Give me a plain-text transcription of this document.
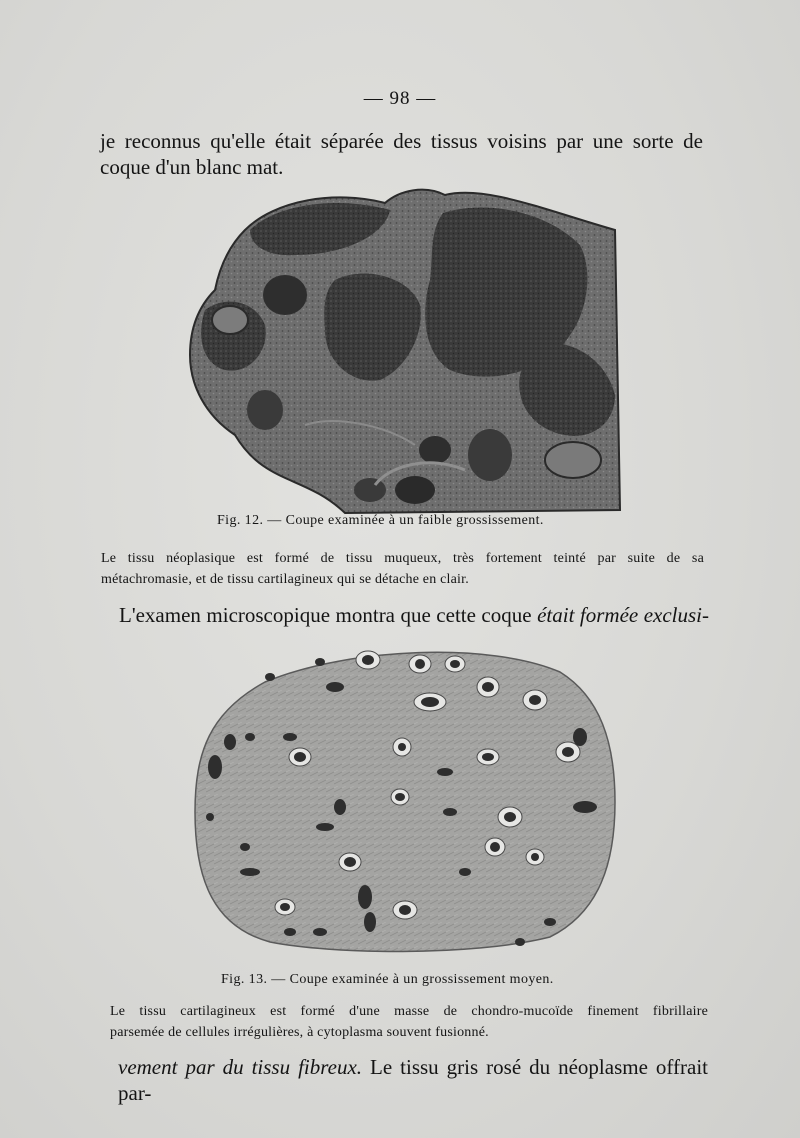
— 98 —
je reconnus qu'elle était séparée des tissus voisins par une sorte de
coque d'un blanc mat.
Fig. 12. — Coupe examinée à un faible grossissement.
Le tissu néoplasique est formé de tissu muqueux, très fortement teinté par suite de sa
métachromasie, et de tissu cartilagineux qui se détache en clair.
L'examen microscopique montra que cette coque était formée exclusi-
Fig. 13. — Coupe examinée à un grossissement moyen.
Le tissu cartilagineux est formé d'une masse de chondro-mucoïde finement fibrillaire
parsemée de cellules irrégulières, à cytoplasma souvent fusionné.
vement par du tissu fibreux. Le tissu gris rosé du néoplasme offrait par-
